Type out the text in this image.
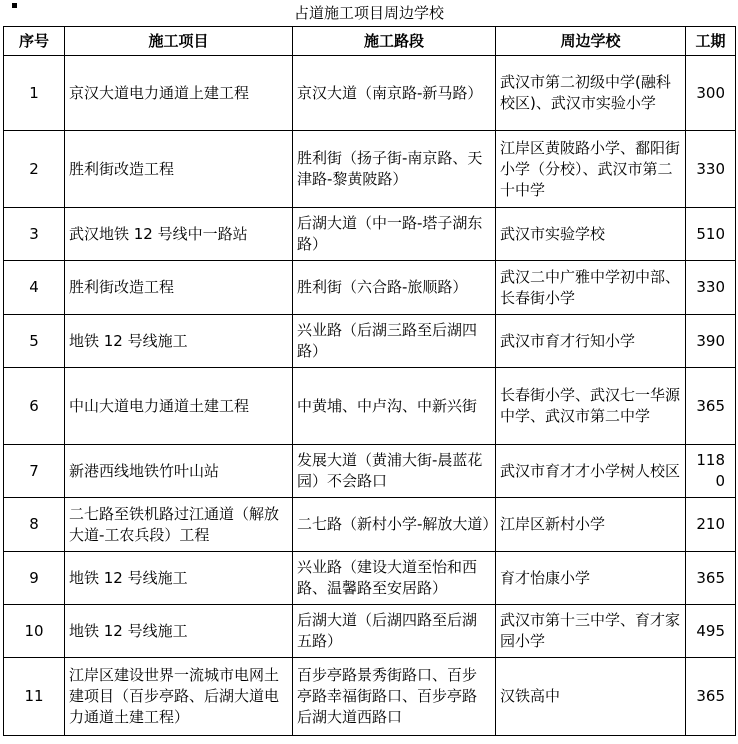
占道施工项目周边学校
序号	施工项目	施工路段	周边学校	工期
1	京汉大道电力通道上建工程	京汉大道（南京路-新马路）	武汉市第二初级中学(融科校区)、武汉市实验小学	300
2	胜利街改造工程	胜利街（扬子街-南京路、天津路-黎黄陂路）	江岸区黄陂路小学、鄱阳街小学（分校）、武汉市第二十中学	330
3	武汉地铁 12 号线中一路站	后湖大道（中一路-塔子湖东路）	武汉市实验学校	510
4	胜利街改造工程	胜利街（六合路-旅顺路）	武汉二中广雅中学初中部、长春街小学	330
5	地铁 12 号线施工	兴业路（后湖三路至后湖四路）	武汉市育才行知小学	390
6	中山大道电力通道土建工程	中黄埔、中卢沟、中新兴街	长春街小学、武汉七一华源中学、武汉市第二中学	365
7	新港西线地铁竹叶山站	发展大道（黄浦大街-晨蓝花园）不会路口	武汉市育才才小学树人校区	1180
8	二七路至铁机路过江通道（解放大道-工农兵段）工程	二七路（新村小学-解放大道）	江岸区新村小学	210
9	地铁 12 号线施工	兴业路（建设大道至怡和西路、温馨路至安居路）	育才怡康小学	365
10	地铁 12 号线施工	后湖大道（后湖四路至后湖五路）	武汉市第十三中学、育才家园小学	495
11	江岸区建设世界一流城市电网土建项目（百步亭路、后湖大道电力通道土建工程）	百步亭路景秀街路口、百步亭路幸福街路口、百步亭路后湖大道西路口	汉铁高中	365
